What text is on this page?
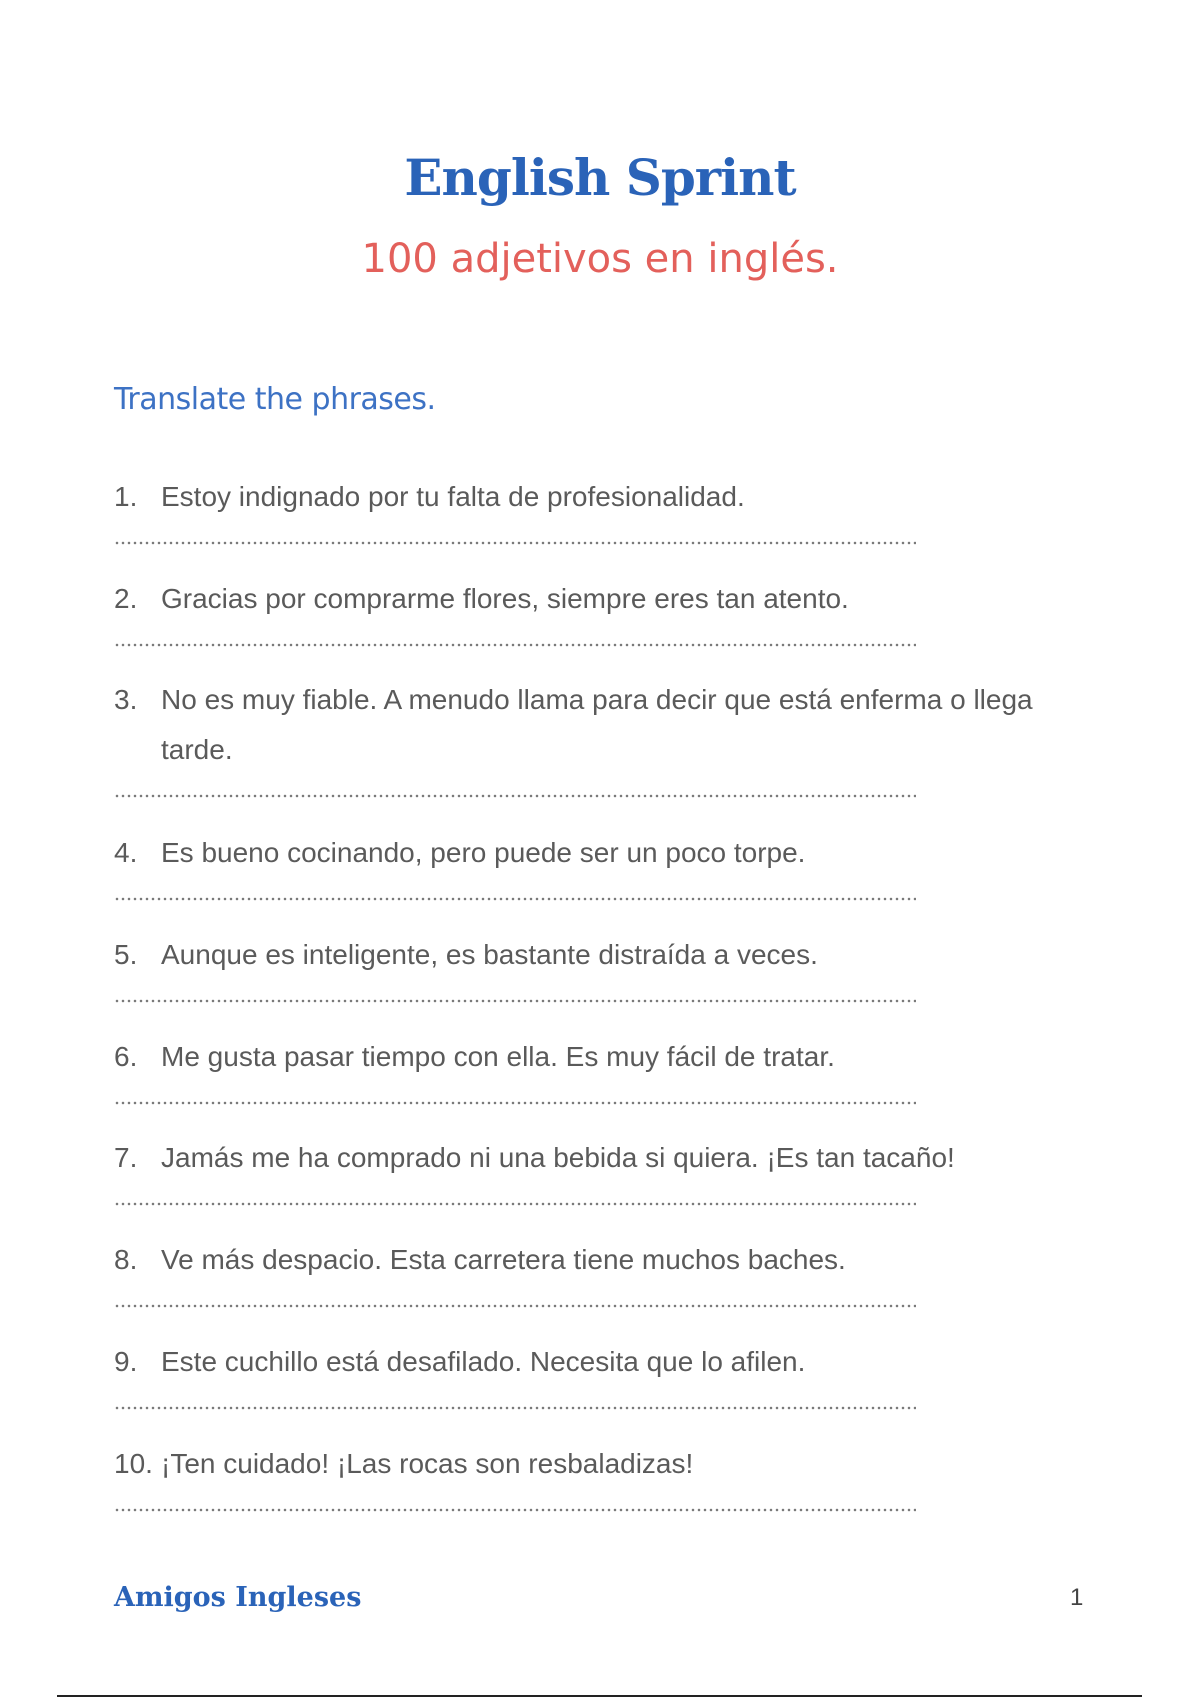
English Sprint
100 adjetivos en inglés.
Translate the phrases.
1. Estoy indignado por tu falta de profesionalidad.
2. Gracias por comprarme flores, siempre eres tan atento.
3. No es muy fiable. A menudo llama para decir que está enferma o llega tarde.
4. Es bueno cocinando, pero puede ser un poco torpe.
5. Aunque es inteligente, es bastante distraída a veces.
6. Me gusta pasar tiempo con ella. Es muy fácil de tratar.
7. Jamás me ha comprado ni una bebida si quiera. ¡Es tan tacaño!
8. Ve más despacio. Esta carretera tiene muchos baches.
9. Este cuchillo está desafilado. Necesita que lo afilen.
10. ¡Ten cuidado! ¡Las rocas son resbaladizas!
Amigos Ingleses	1
